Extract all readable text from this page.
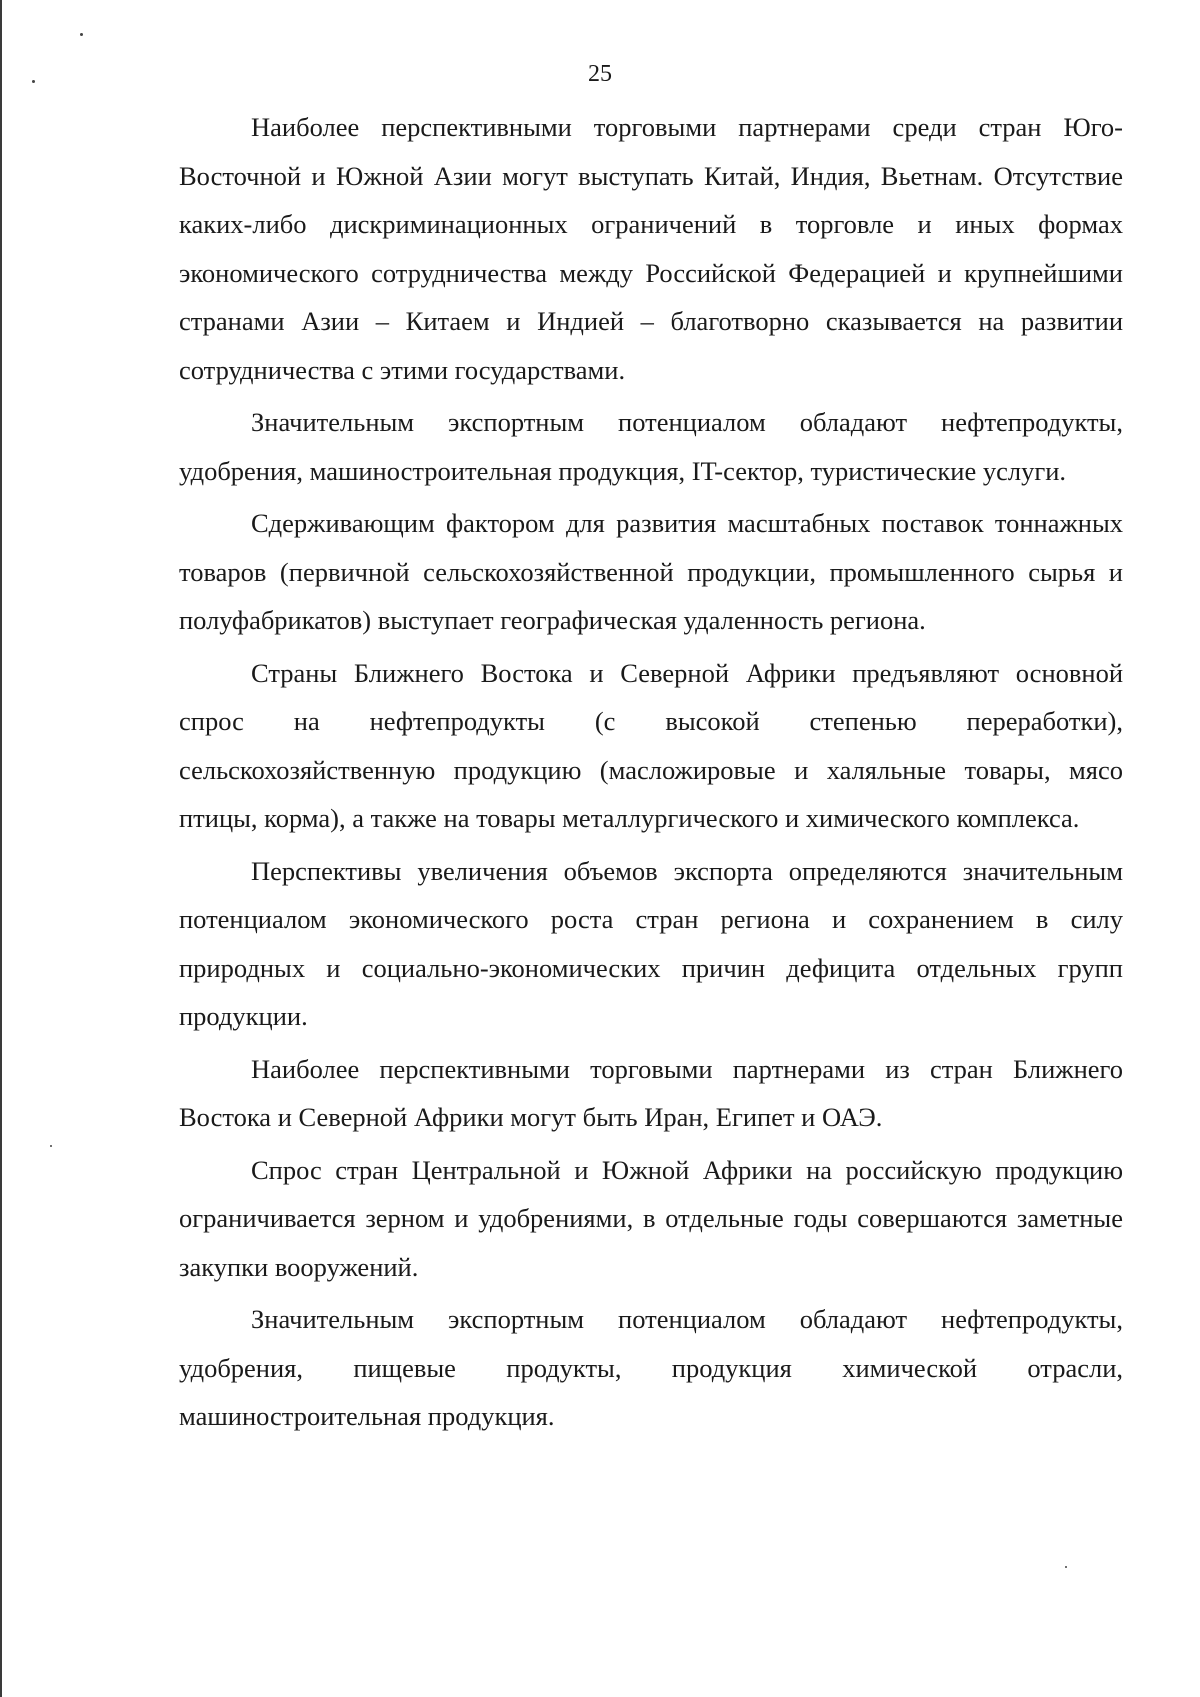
25

Наиболее перспективными торговыми партнерами среди стран Юго-Восточной и Южной Азии могут выступать Китай, Индия, Вьетнам. Отсутствие каких-либо дискриминационных ограничений в торговле и иных формах экономического сотрудничества между Российской Федерацией и крупнейшими странами Азии – Китаем и Индией – благотворно сказывается на развитии сотрудничества с этими государствами.

Значительным экспортным потенциалом обладают нефтепродукты, удобрения, машиностроительная продукция, IT-сектор, туристические услуги.

Сдерживающим фактором для развития масштабных поставок тоннажных товаров (первичной сельскохозяйственной продукции, промышленного сырья и полуфабрикатов) выступает географическая удаленность региона.

Страны Ближнего Востока и Северной Африки предъявляют основной спрос на нефтепродукты (с высокой степенью переработки), сельскохозяйственную продукцию (масложировые и халяльные товары, мясо птицы, корма), а также на товары металлургического и химического комплекса.

Перспективы увеличения объемов экспорта определяются значительным потенциалом экономического роста стран региона и сохранением в силу природных и социально-экономических причин дефицита отдельных групп продукции.

Наиболее перспективными торговыми партнерами из стран Ближнего Востока и Северной Африки могут быть Иран, Египет и ОАЭ.

Спрос стран Центральной и Южной Африки на российскую продукцию ограничивается зерном и удобрениями, в отдельные годы совершаются заметные закупки вооружений.

Значительным экспортным потенциалом обладают нефтепродукты, удобрения, пищевые продукты, продукция химической отрасли, машиностроительная продукция.
